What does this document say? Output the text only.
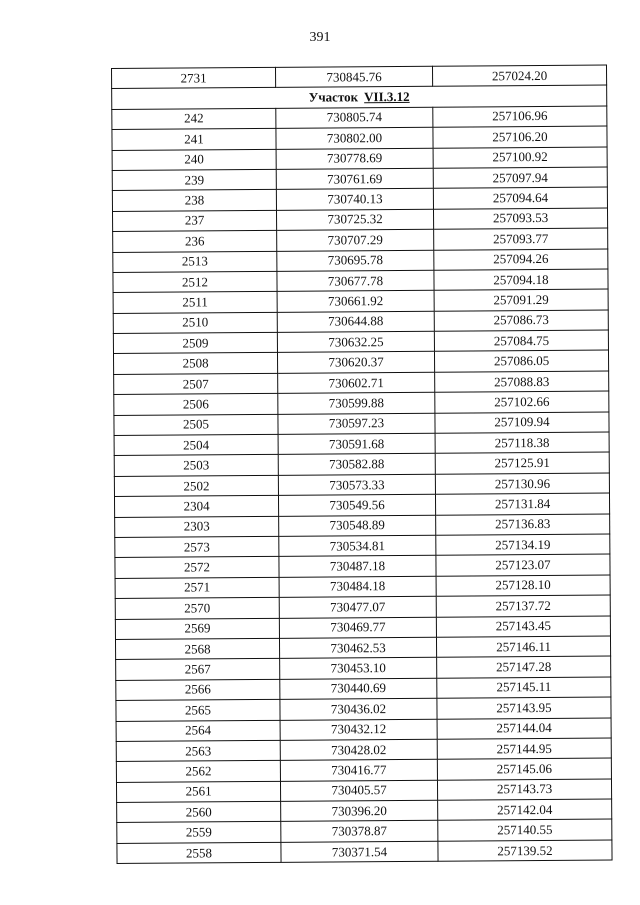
391
2731	730845.76	257024.20
Участок VII.3.12		
242	730805.74	257106.96
241	730802.00	257106.20
240	730778.69	257100.92
239	730761.69	257097.94
238	730740.13	257094.64
237	730725.32	257093.53
236	730707.29	257093.77
2513	730695.78	257094.26
2512	730677.78	257094.18
2511	730661.92	257091.29
2510	730644.88	257086.73
2509	730632.25	257084.75
2508	730620.37	257086.05
2507	730602.71	257088.83
2506	730599.88	257102.66
2505	730597.23	257109.94
2504	730591.68	257118.38
2503	730582.88	257125.91
2502	730573.33	257130.96
2304	730549.56	257131.84
2303	730548.89	257136.83
2573	730534.81	257134.19
2572	730487.18	257123.07
2571	730484.18	257128.10
2570	730477.07	257137.72
2569	730469.77	257143.45
2568	730462.53	257146.11
2567	730453.10	257147.28
2566	730440.69	257145.11
2565	730436.02	257143.95
2564	730432.12	257144.04
2563	730428.02	257144.95
2562	730416.77	257145.06
2561	730405.57	257143.73
2560	730396.20	257142.04
2559	730378.87	257140.55
2558	730371.54	257139.52
